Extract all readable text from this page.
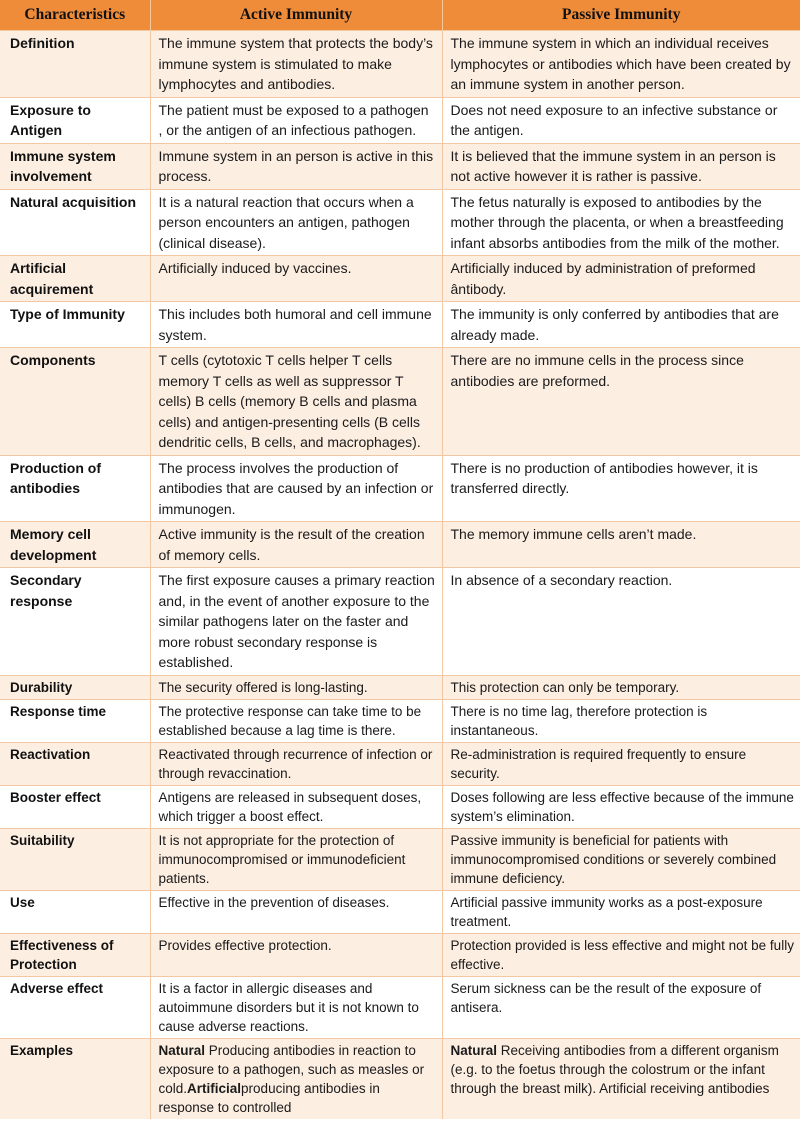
Characteristics	Active Immunity	Passive Immunity
Definition	The immune system that protects the body’s immune system is stimulated to make lymphocytes and antibodies.	The immune system in which an individual receives lymphocytes or antibodies which have been created by an immune system in another person.
Exposure to Antigen	The patient must be exposed to a pathogen , or the antigen of an infectious pathogen.	Does not need exposure to an infective substance or the antigen.
Immune system involvement	Immune system in an person is active in this process.	It is believed that the immune system in an person is not active however it is rather is passive.
Natural acquisition	It is a natural reaction that occurs when a person encounters an antigen, pathogen (clinical disease).	The fetus naturally is exposed to antibodies by the mother through the placenta, or when a breastfeeding infant absorbs antibodies from the milk of the mother.
Artificial acquirement	Artificially induced by vaccines.	Artificially induced by administration of preformed ântibody.
Type of Immunity	This includes both humoral and cell immune system.	The immunity is only conferred by antibodies that are already made.
Components	T cells (cytotoxic T cells helper T cells memory T cells as well as suppressor T cells) B cells (memory B cells and plasma cells) and antigen-presenting cells (B cells dendritic cells, B cells, and macrophages).	There are no immune cells in the process since antibodies are preformed.
Production of antibodies	The process involves the production of antibodies that are caused by an infection or immunogen.	There is no production of antibodies however, it is transferred directly.
Memory cell development	Active immunity is the result of the creation of memory cells.	The memory immune cells aren’t made.
Secondary response	The first exposure causes a primary reaction and, in the event of another exposure to the similar pathogens later on the faster and more robust secondary response is established.	In absence of a secondary reaction.
Durability	The security offered is long-lasting.	This protection can only be temporary.
Response time	The protective response can take time to be established because a lag time is there.	There is no time lag, therefore protection is instantaneous.
Reactivation	Reactivated through recurrence of infection or through revaccination.	Re-administration is required frequently to ensure security.
Booster effect	Antigens are released in subsequent doses, which trigger a boost effect.	Doses following are less effective because of the immune system’s elimination.
Suitability	It is not appropriate for the protection of immunocompromised or immunodeficient patients.	Passive immunity is beneficial for patients with immunocompromised conditions or severely combined immune deficiency.
Use	Effective in the prevention of diseases.	Artificial passive immunity works as a post-exposure treatment.
Effectiveness of Protection	Provides effective protection.	Protection provided is less effective and might not be fully effective.
Adverse effect	It is a factor in allergic diseases and autoimmune disorders but it is not known to cause adverse reactions.	Serum sickness can be the result of the exposure of antisera.
Examples	Natural Producing antibodies in reaction to exposure to a pathogen, such as measles or cold.Artificialproducing antibodies in response to controlled	Natural Receiving antibodies from a different organism (e.g. to the foetus through the colostrum or the infant through the breast milk). Artificial receiving antibodies
